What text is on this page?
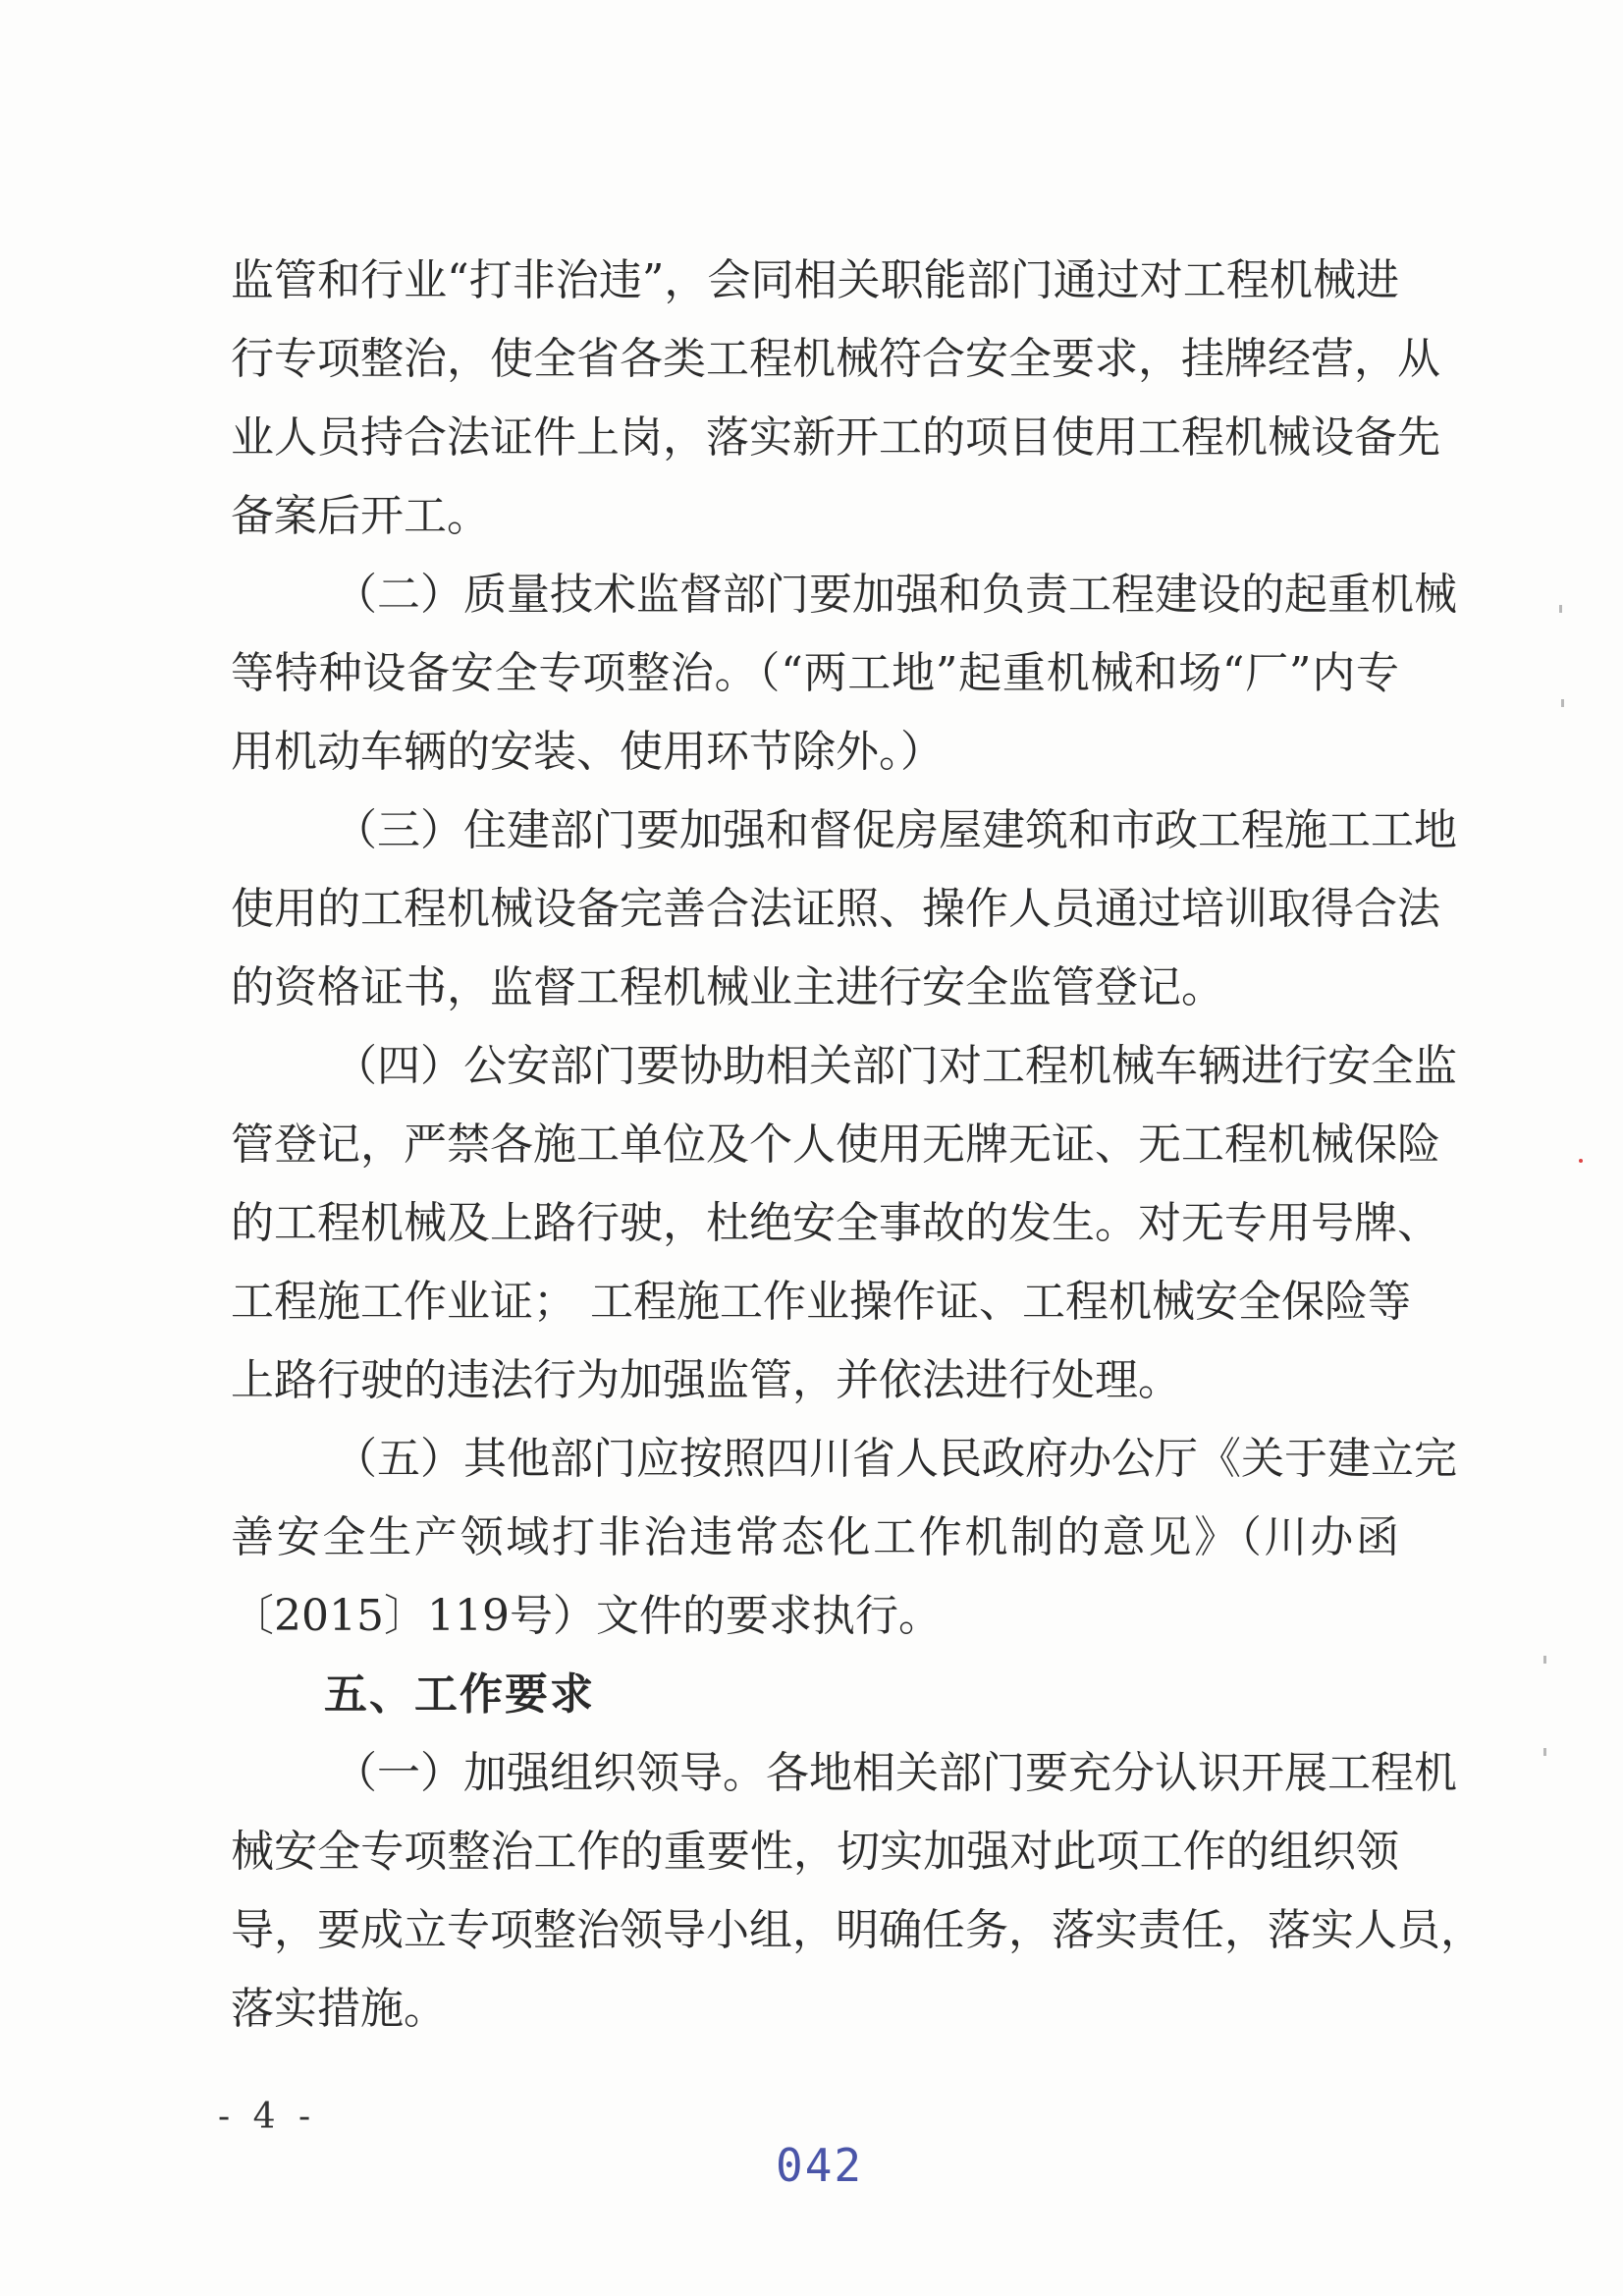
监管和行业“打非治违”，会同相关职能部门通过对工程机械进
行专项整治，使全省各类工程机械符合安全要求，挂牌经营，从
业人员持合法证件上岗，落实新开工的项目使用工程机械设备先
备案后开工。
（二）质量技术监督部门要加强和负责工程建设的起重机械
等特种设备安全专项整治。（“两工地”起重机械和场“厂”内专
用机动车辆的安装、使用环节除外。）
（三）住建部门要加强和督促房屋建筑和市政工程施工工地
使用的工程机械设备完善合法证照、操作人员通过培训取得合法
的资格证书，监督工程机械业主进行安全监管登记。
（四）公安部门要协助相关部门对工程机械车辆进行安全监
管登记，严禁各施工单位及个人使用无牌无证、无工程机械保险
的工程机械及上路行驶，杜绝安全事故的发生。对无专用号牌、
工程施工作业证； 工程施工作业操作证、工程机械安全保险等
上路行驶的违法行为加强监管，并依法进行处理。
（五）其他部门应按照四川省人民政府办公厅《关于建立完
善安全生产领域打非治违常态化工作机制的意见》（川办函
〔2015〕119号）文件的要求执行。
五、工作要求
（一）加强组织领导。各地相关部门要充分认识开展工程机
械安全专项整治工作的重要性，切实加强对此项工作的组织领
导，要成立专项整治领导小组，明确任务，落实责任，落实人员，
落实措施。
- 4 -
042
